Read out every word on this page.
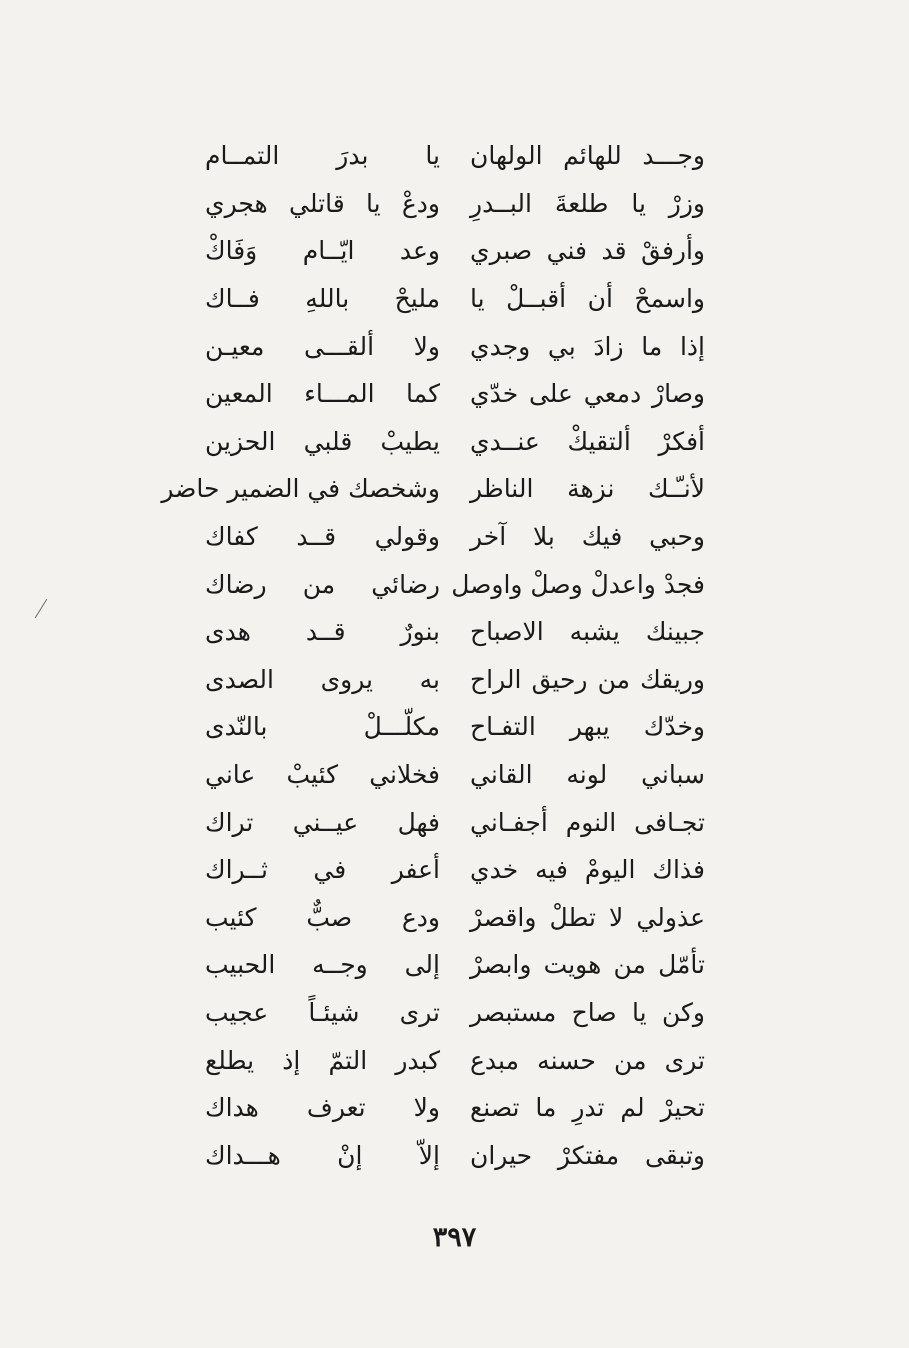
وجـــد للهائم الولهان
يا بدرَ التمــام
وزرْ يا طلعةَ البــدرِ
ودعْ يا قاتلي هجري
وأرفقْ قد فني صبري
وعد ايّــام وَفَاكْ
واسمحْ أن أقبــلْ يا
مليحْ باللهِ فــاك
إذا ما زادَ بي وجدي
ولا ألقـــى معيـن
وصارْ دمعي على خدّي
كما المـــاء المعين
أفكرْ ألتقيكْ عنــدي
يطيبْ قلبي الحزين
لأنـّـك نزهة الناظر
وشخصك في الضمير حاضر
وحبي فيك بلا آخر
وقولي قــد كفاك
فجدْ واعدلْ وصلْ واوصل
رضائي من رضاك
جبينك يشبه الاصباح
بنورٌ قــد هدى
وريقك من رحيق الراح
به يروى الصدى
وخدّك يبهر التفـاح
مكلّـــلْ بالنّدى
سباني لونه القاني
فخلاني كئيبْ عاني
تجـافى النوم أجفـاني
فهل عيــني تراك
فذاك اليومْ فيه خدي
أعفر في ثــراك
عذولي لا تطلْ واقصرْ
ودع صبٌّ كئيب
تأمّل من هويت وابصرْ
إلى وجــه الحبيب
وكن يا صاح مستبصر
ترى شيئـاً عجيب
ترى من حسنه مبدع
كبدر التمّ إذ يطلع
تحيرْ لم تدرِ ما تصنع
ولا تعرف هداك
وتبقى مفتكرْ حيران
إلاّ إنْ هـــداك
٣٩٧
